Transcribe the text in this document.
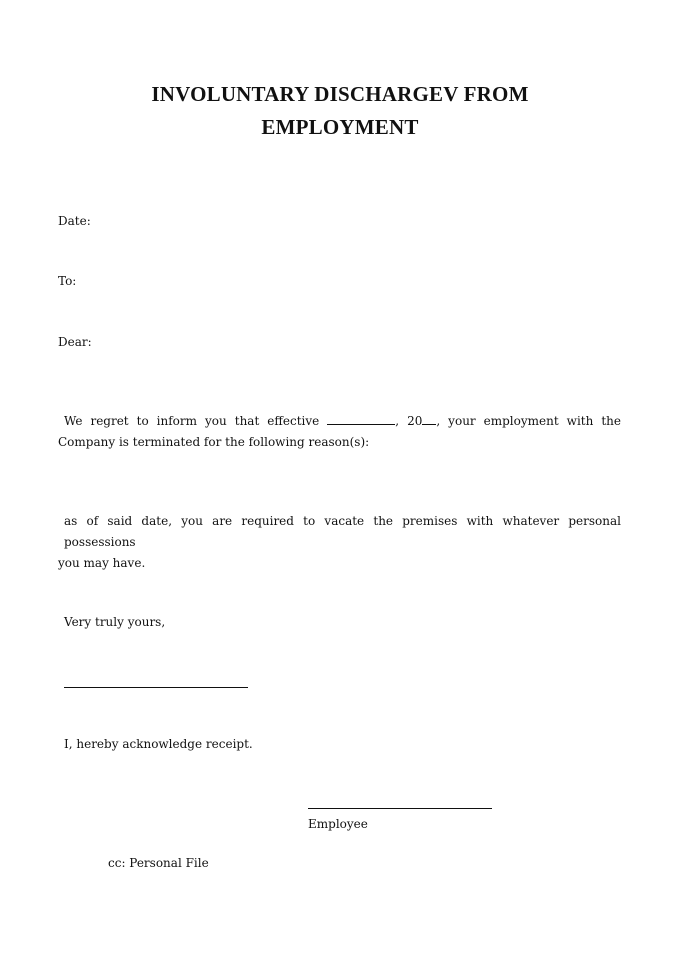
INVOLUNTARY DISCHARGEV FROM
EMPLOYMENT
Date:
To:
Dear:
We regret to inform you that effective	, 20 , your employment with the
Company is terminated for the following reason(s):
as of said date, you are required to vacate the premises with whatever personal possessions
you may have.
Very truly yours,
I, hereby acknowledge receipt.
Employee
cc: Personal File
